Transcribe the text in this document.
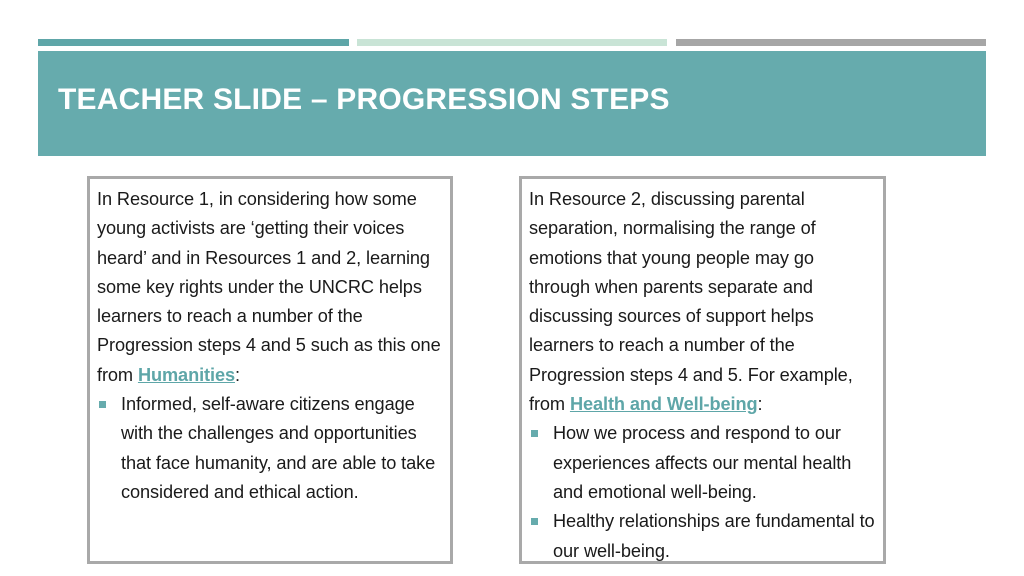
TEACHER SLIDE – PROGRESSION STEPS

In Resource 1, in considering how some young activists are ‘getting their voices heard’ and in Resources 1 and 2, learning some key rights under the UNCRC helps learners to reach a number of the Progression steps 4 and 5 such as this one from Humanities:

Informed, self-aware citizens engage with the challenges and opportunities that face humanity, and are able to take considered and ethical action.

In Resource 2, discussing parental separation, normalising the range of emotions that young people may go through when parents separate and discussing sources of support helps learners to reach a number of the Progression steps 4 and 5. For example, from Health and Well-being:

How we process and respond to our experiences affects our mental health and emotional well-being.
Healthy relationships are fundamental to our well-being.
